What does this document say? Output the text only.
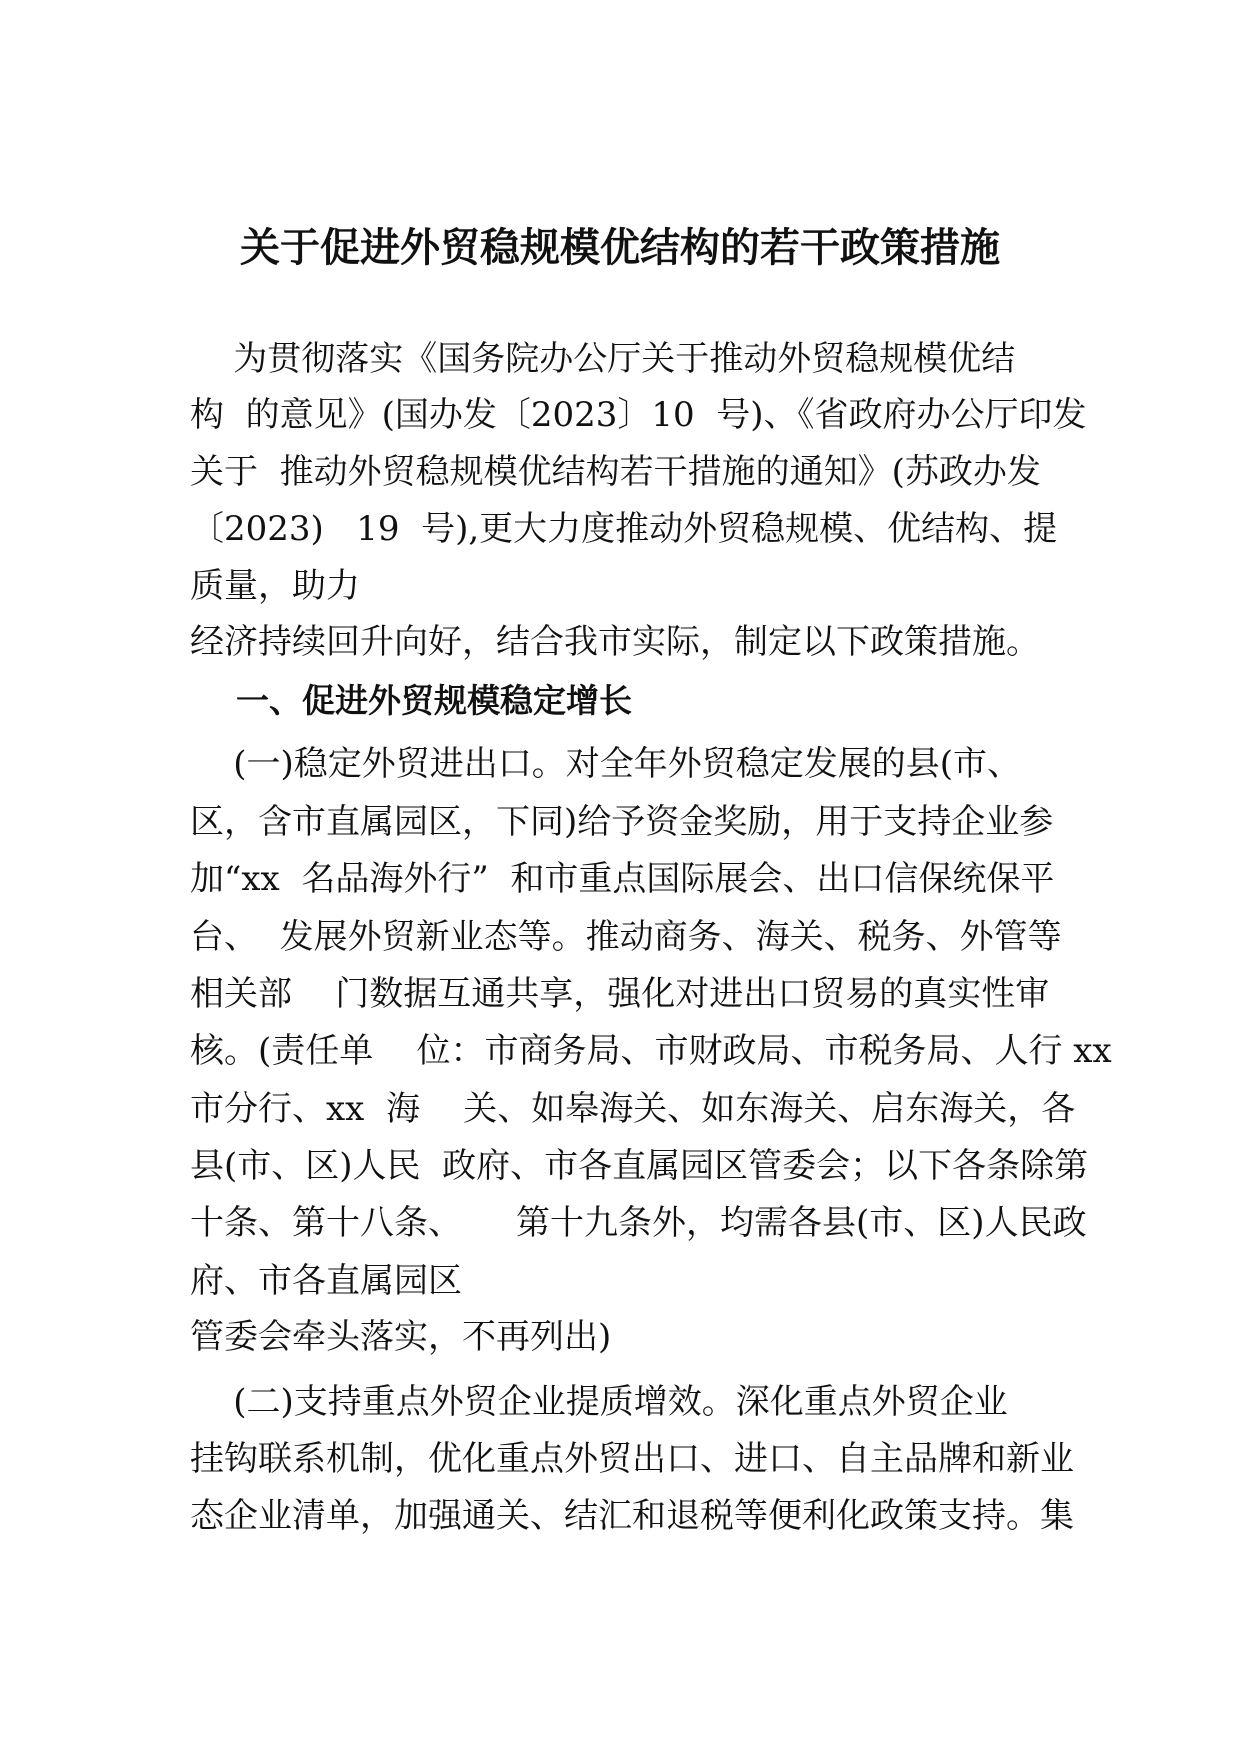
关于促进外贸稳规模优结构的若干政策措施
为贯彻落实《国务院办公厅关于推动外贸稳规模优结
构  的意见》(国办发〔2023〕10  号)、《省政府办公厅印发
关于  推动外贸稳规模优结构若干措施的通知》(苏政办发
〔2023)   19  号),更大力度推动外贸稳规模、优结构、提
质量，助力
经济持续回升向好，结合我市实际，制定以下政策措施。
一、促进外贸规模稳定增长
(一)稳定外贸进出口。对全年外贸稳定发展的县(市、
区，含市直属园区，下同)给予资金奖励，用于支持企业参
加“xx  名品海外行”  和市重点国际展会、出口信保统保平
台、  发展外贸新业态等。推动商务、海关、税务、外管等
相关部    门数据互通共享，强化对进出口贸易的真实性审
核。(责任单    位：市商务局、市财政局、市税务局、人行 xx
市分行、xx  海    关、如皋海关、如东海关、启东海关，各
县(市、区)人民  政府、市各直属园区管委会；以下各条除第
十条、第十八条、     第十九条外，均需各县(市、区)人民政
府、市各直属园区
管委会牵头落实，不再列出)
(二)支持重点外贸企业提质增效。深化重点外贸企业
挂钩联系机制，优化重点外贸出口、进口、自主品牌和新业
态企业清单，加强通关、结汇和退税等便利化政策支持。集
